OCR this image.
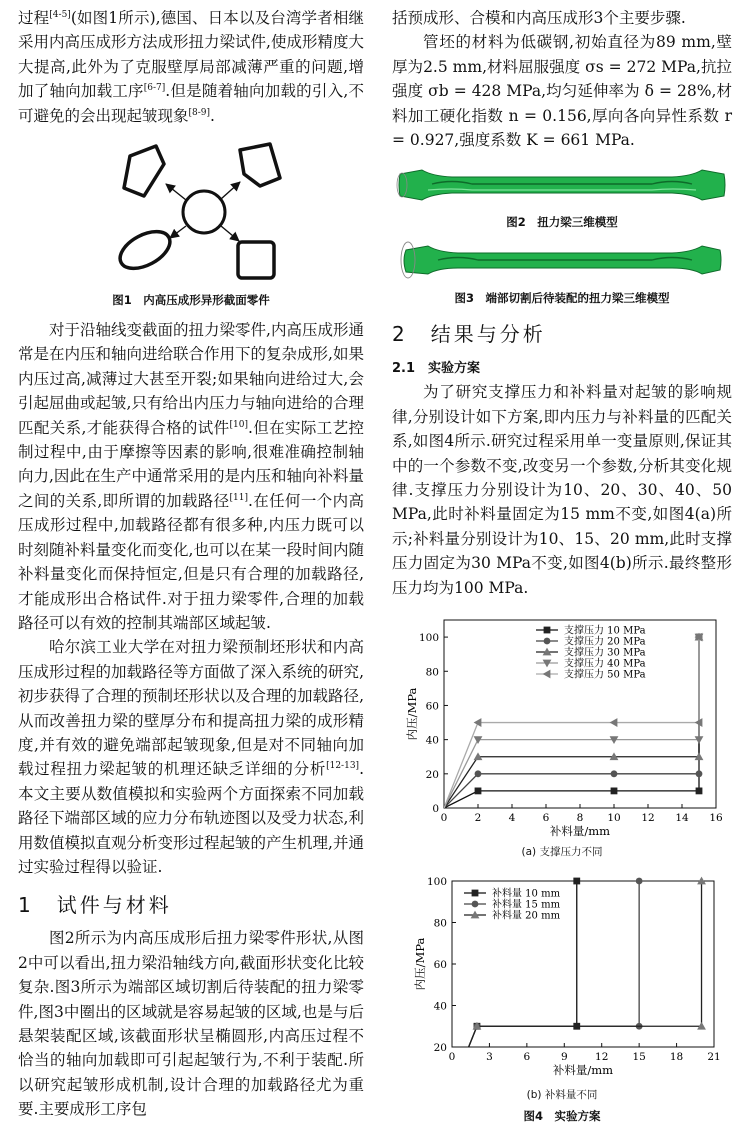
过程[4-5](如图1所示),德国、日本以及台湾学者相继采用内高压成形方法成形扭力梁试件,使成形精度大大提高,此外为了克服壁厚局部减薄严重的问题,增加了轴向加载工序[6-7].但是随着轴向加载的引入,不可避免的会出现起皱现象[8-9].

图1　内高压成形异形截面零件

对于沿轴线变截面的扭力梁零件,内高压成形通常是在内压和轴向进给联合作用下的复杂成形,如果内压过高,减薄过大甚至开裂;如果轴向进给过大,会引起屈曲或起皱,只有给出内压力与轴向进给的合理匹配关系,才能获得合格的试件[10].但在实际工艺控制过程中,由于摩擦等因素的影响,很难准确控制轴向力,因此在生产中通常采用的是内压和轴向补料量之间的关系,即所谓的加载路径[11].在任何一个内高压成形过程中,加载路径都有很多种,内压力既可以时刻随补料量变化而变化,也可以在某一段时间内随补料量变化而保持恒定,但是只有合理的加载路径,才能成形出合格试件.对于扭力梁零件,合理的加载路径可以有效的控制其端部区域起皱.

哈尔滨工业大学在对扭力梁预制坯形状和内高压成形过程的加载路径等方面做了深入系统的研究,初步获得了合理的预制坯形状以及合理的加载路径,从而改善扭力梁的壁厚分布和提高扭力梁的成形精度,并有效的避免端部起皱现象,但是对不同轴向加载过程扭力梁起皱的机理还缺乏详细的分析[12-13].本文主要从数值模拟和实验两个方面探索不同加载路径下端部区域的应力分布轨迹图以及受力状态,利用数值模拟直观分析变形过程起皱的产生机理,并通过实验过程得以验证.

1　试件与材料

图2所示为内高压成形后扭力梁零件形状,从图2中可以看出,扭力梁沿轴线方向,截面形状变化比较复杂.图3所示为端部区域切割后待装配的扭力梁零件,图3中圈出的区域就是容易起皱的区域,也是与后悬架装配区域,该截面形状呈椭圆形,内高压过程不恰当的轴向加载即可引起起皱行为,不利于装配.所以研究起皱形成机制,设计合理的加载路径尤为重要.主要成形工序包

括预成形、合模和内高压成形3个主要步骤.

管坯的材料为低碳钢,初始直径为89 mm,壁厚为2.5 mm,材料屈服强度 σs = 272 MPa,抗拉强度 σb = 428 MPa,均匀延伸率为 δ = 28%,材料加工硬化指数 n = 0.156,厚向各向异性系数 r = 0.927,强度系数 K = 661 MPa.

图2　扭力梁三维模型

图3　端部切割后待装配的扭力梁三维模型

2　结果与分析
2.1　实验方案

为了研究支撑压力和补料量对起皱的影响规律,分别设计如下方案,即内压力与补料量的匹配关系,如图4所示.研究过程采用单一变量原则,保证其中的一个参数不变,改变另一个参数,分析其变化规律.支撑压力分别设计为10、20、30、40、50 MPa,此时补料量固定为15 mm不变,如图4(a)所示;补料量分别设计为10、15、20 mm,此时支撑压力固定为30 MPa不变,如图4(b)所示.最终整形压力均为100 MPa.

0	2	4	6	8 10 12 14 16
0
20
40
60
80
100
补料量/mm
内压/MPa
支撑压力 10 MPa
支撑压力 20 MPa
支撑压力 30 MPa
支撑压力 40 MPa
支撑压力 50 MPa

(a) 支撑压力不同

0	3	6	9	12 15 18 21
20
40
60
80
100
补料量/mm
内压/MPa
补料量 10 mm
补料量 15 mm
补料量 20 mm

(b) 补料量不同

图4　实验方案
